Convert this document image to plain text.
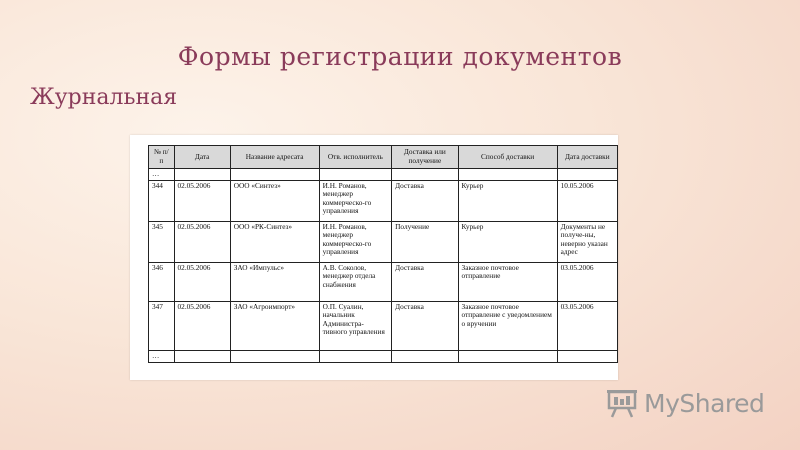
Формы регистрации документов
Журнальная
№ п/п	Дата	Название адресата	Отв. исполнитель	Доставка или получение	Способ доставки	Дата доставки
…						
344	02.05.2006	ООО «Синтез»	И.Н. Романов, менеджер коммерческо-го управления	Доставка	Курьер	10.05.2006
345	02.05.2006	ООО «РК-Синтез»	И.Н. Романов, менеджер коммерческо-го управления	Получение	Курьер	Документы не получе-ны, неверно указан адрес
346	02.05.2006	ЗАО «Импульс»	А.В. Соколов, менеджер отдела снабжения	Доставка	Заказное почтовое отправление	03.05.2006
347	02.05.2006	ЗАО «Агроимпорт»	О.П. Суалин, начальник Администра-тивного управления	Доставка	Заказное почтовое отправление с уведомлением о вручении	03.05.2006
…						
MyShared
